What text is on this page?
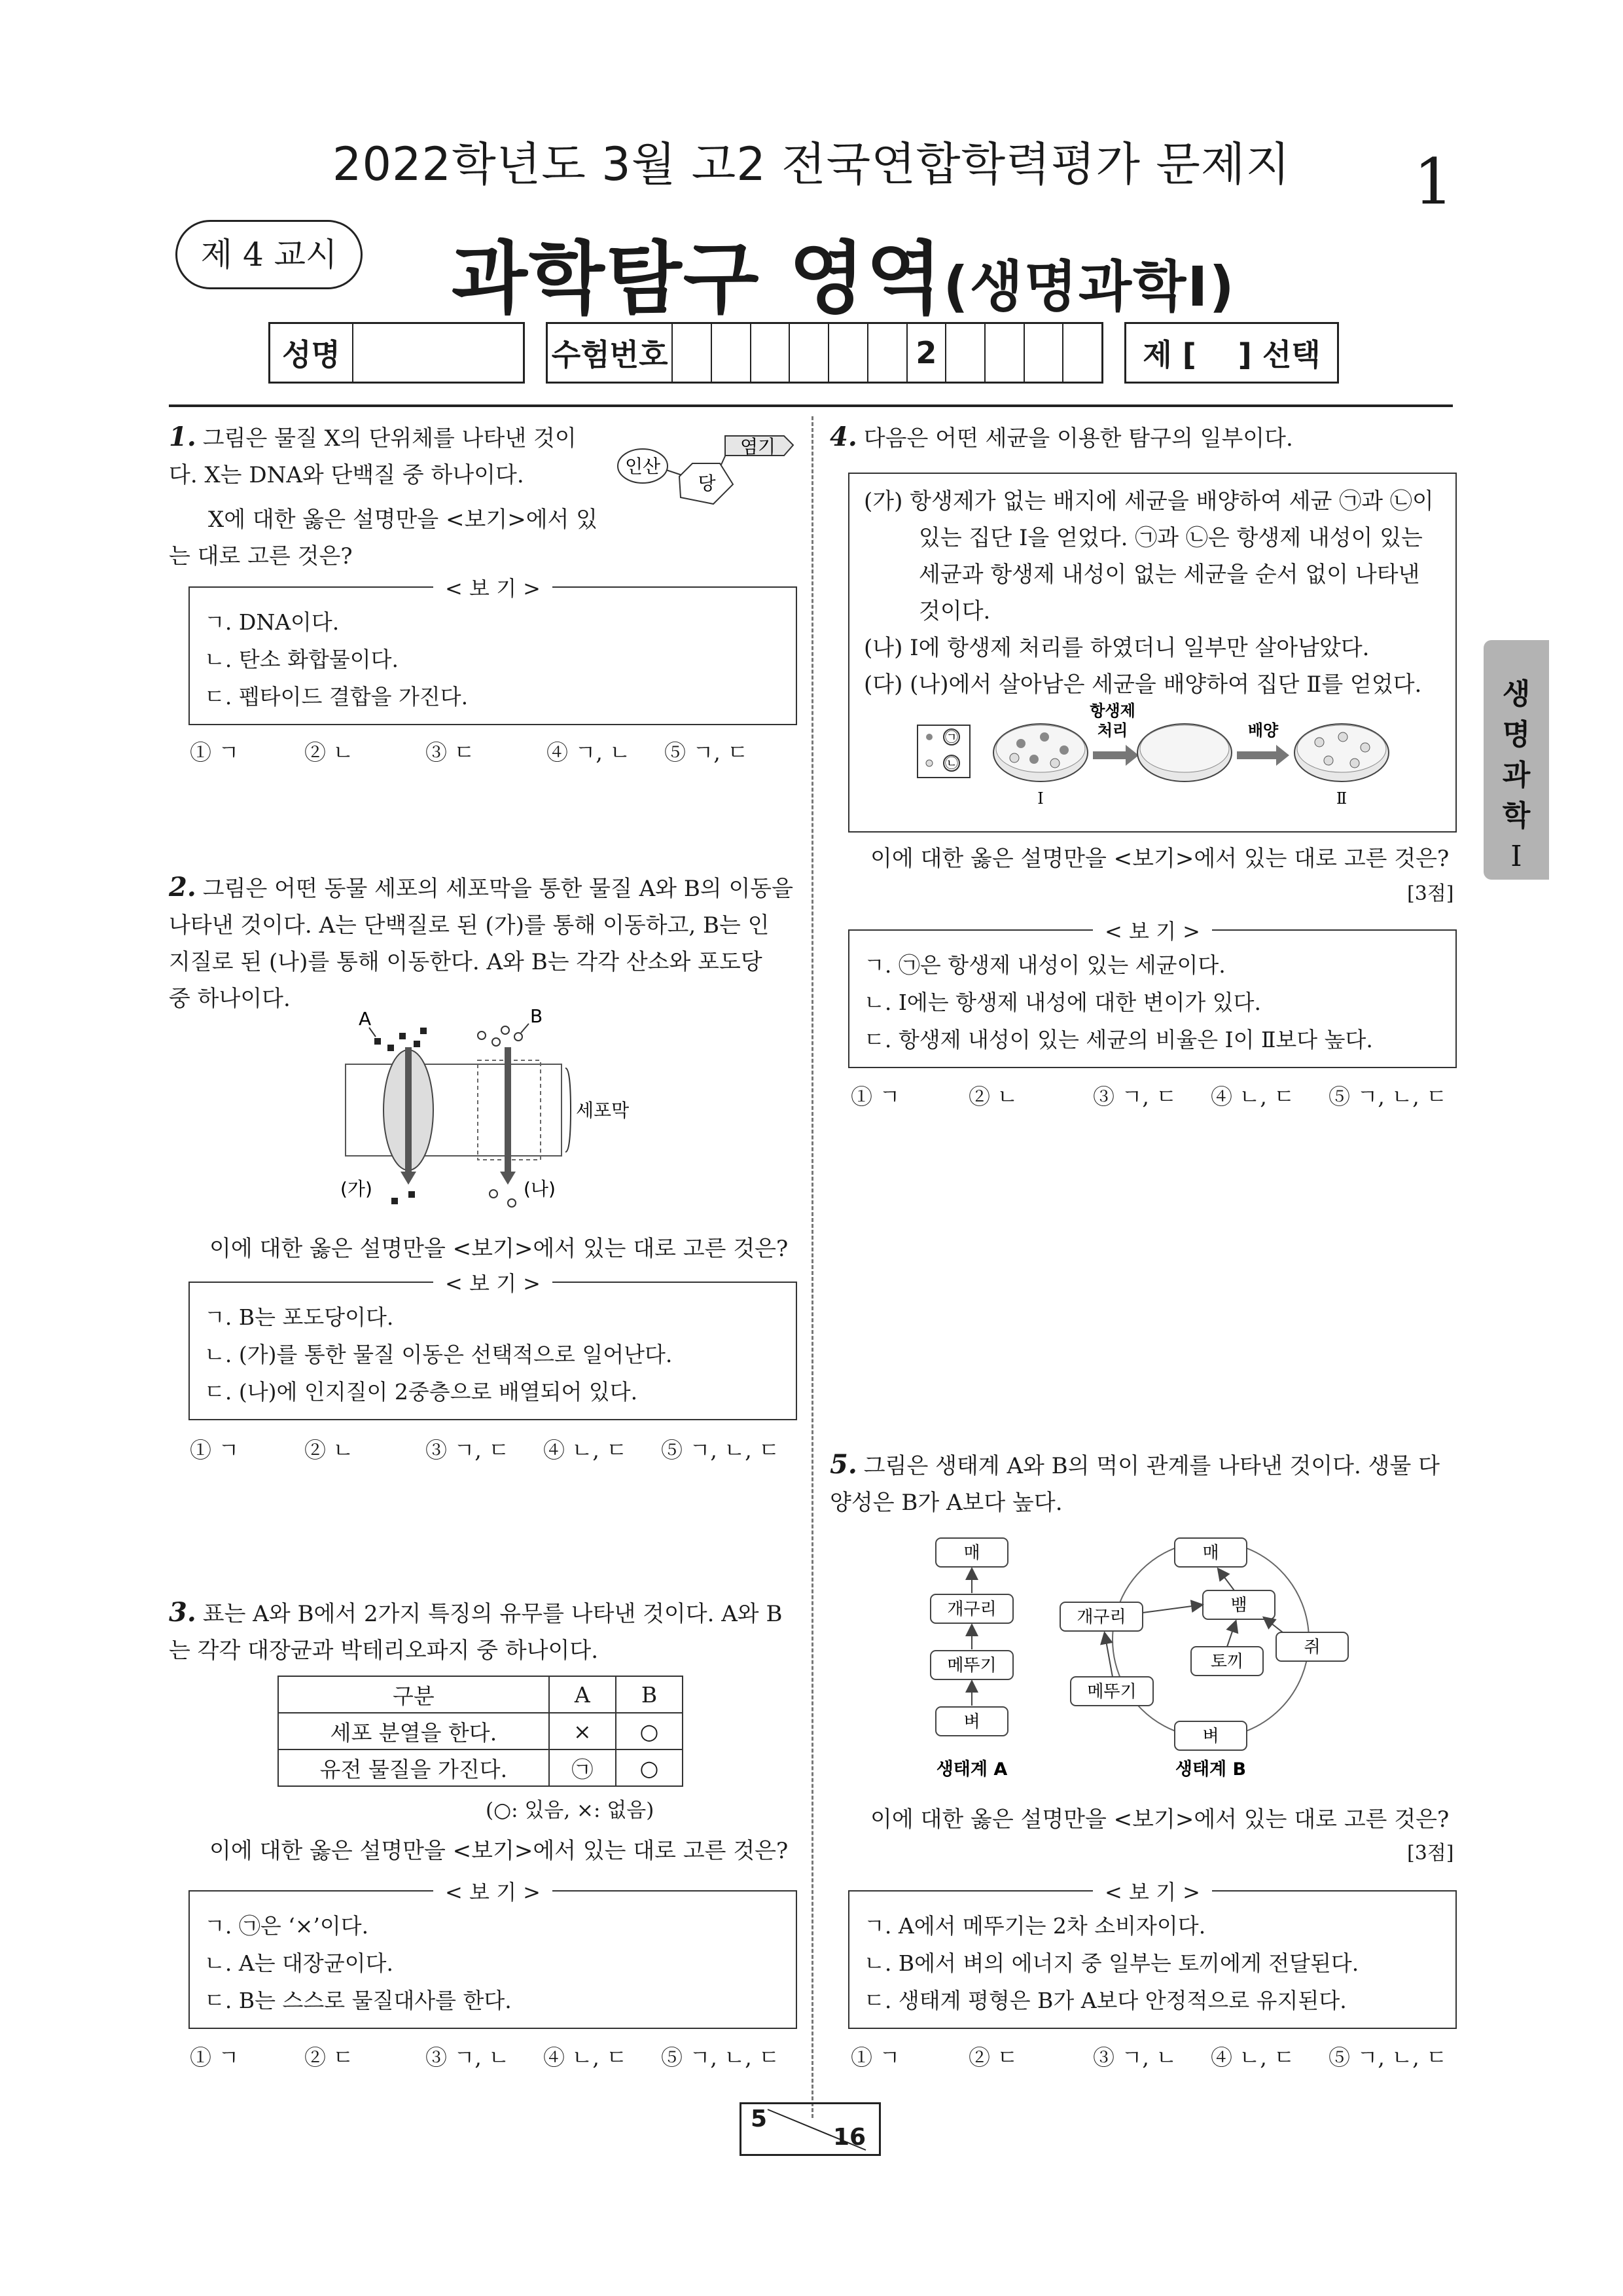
2022학년도 3월 고2 전국연합학력평가 문제지	1
제 4 교시	과학탐구 영역(생명과학Ⅰ)
성명	수험번호	2	제 [    ] 선택
생
명
과
학
Ⅰ
1. 그림은 물질 X의 단위체를 나타낸 것이
다. X는 DNA와 단백질 중 하나이다.
X에 대한 옳은 설명만을 <보기>에서 있
는 대로 고른 것은?
인산
당
염기
< 보 기 >
ㄱ. DNA이다.
ㄴ. 탄소 화합물이다.
ㄷ. 펩타이드 결합을 가진다.
① ㄱ	② ㄴ	③ ㄷ	④ ㄱ, ㄴ	⑤ ㄱ, ㄷ
2. 그림은 어떤 동물 세포의 세포막을 통한 물질 A와 B의 이동을
나타낸 것이다. A는 단백질로 된 (가)를 통해 이동하고, B는 인
지질로 된 (나)를 통해 이동한다. A와 B는 각각 산소와 포도당
중 하나이다.
A	B
(가)	(나)
세포막
이에 대한 옳은 설명만을 <보기>에서 있는 대로 고른 것은?
< 보 기 >
ㄱ. B는 포도당이다.
ㄴ. (가)를 통한 물질 이동은 선택적으로 일어난다.
ㄷ. (나)에 인지질이 2중층으로 배열되어 있다.
① ㄱ	② ㄴ	③ ㄱ, ㄷ	④ ㄴ, ㄷ	⑤ ㄱ, ㄴ, ㄷ
3. 표는 A와 B에서 2가지 특징의 유무를 나타낸 것이다. A와 B
는 각각 대장균과 박테리오파지 중 하나이다.
구분	A	B
세포 분열을 한다.	×	○
유전 물질을 가진다.	㉠	○
(○: 있음, ×: 없음)
이에 대한 옳은 설명만을 <보기>에서 있는 대로 고른 것은?
< 보 기 >
ㄱ. ㉠은 ‘×’이다.
ㄴ. A는 대장균이다.
ㄷ. B는 스스로 물질대사를 한다.
① ㄱ	② ㄷ	③ ㄱ, ㄴ	④ ㄴ, ㄷ	⑤ ㄱ, ㄴ, ㄷ
4. 다음은 어떤 세균을 이용한 탐구의 일부이다.
(가) 항생제가 없는 배지에 세균을 배양하여 세균 ㉠과 ㉡이
있는 집단 Ⅰ을 얻었다. ㉠과 ㉡은 항생제 내성이 있는
세균과 항생제 내성이 없는 세균을 순서 없이 나타낸
것이다.
(나) Ⅰ에 항생제 처리를 하였더니 일부만 살아남았다.
(다) (나)에서 살아남은 세균을 배양하여 집단 Ⅱ를 얻었다.
㉠
㉡
항생제
처리	배양
Ⅰ	Ⅱ
이에 대한 옳은 설명만을 <보기>에서 있는 대로 고른 것은?
[3점]
< 보 기 >
ㄱ. ㉠은 항생제 내성이 있는 세균이다.
ㄴ. Ⅰ에는 항생제 내성에 대한 변이가 있다.
ㄷ. 항생제 내성이 있는 세균의 비율은 Ⅰ이 Ⅱ보다 높다.
① ㄱ	② ㄴ	③ ㄱ, ㄷ	④ ㄴ, ㄷ	⑤ ㄱ, ㄴ, ㄷ
5. 그림은 생태계 A와 B의 먹이 관계를 나타낸 것이다. 생물 다
양성은 B가 A보다 높다.
매
개구리
메뚜기
벼
생태계 A
매
개구리
뱀
토끼
쥐
메뚜기
벼
생태계 B
이에 대한 옳은 설명만을 <보기>에서 있는 대로 고른 것은?
[3점]
< 보 기 >
ㄱ. A에서 메뚜기는 2차 소비자이다.
ㄴ. B에서 벼의 에너지 중 일부는 토끼에게 전달된다.
ㄷ. 생태계 평형은 B가 A보다 안정적으로 유지된다.
① ㄱ	② ㄷ	③ ㄱ, ㄴ	④ ㄴ, ㄷ	⑤ ㄱ, ㄴ, ㄷ
5
16
